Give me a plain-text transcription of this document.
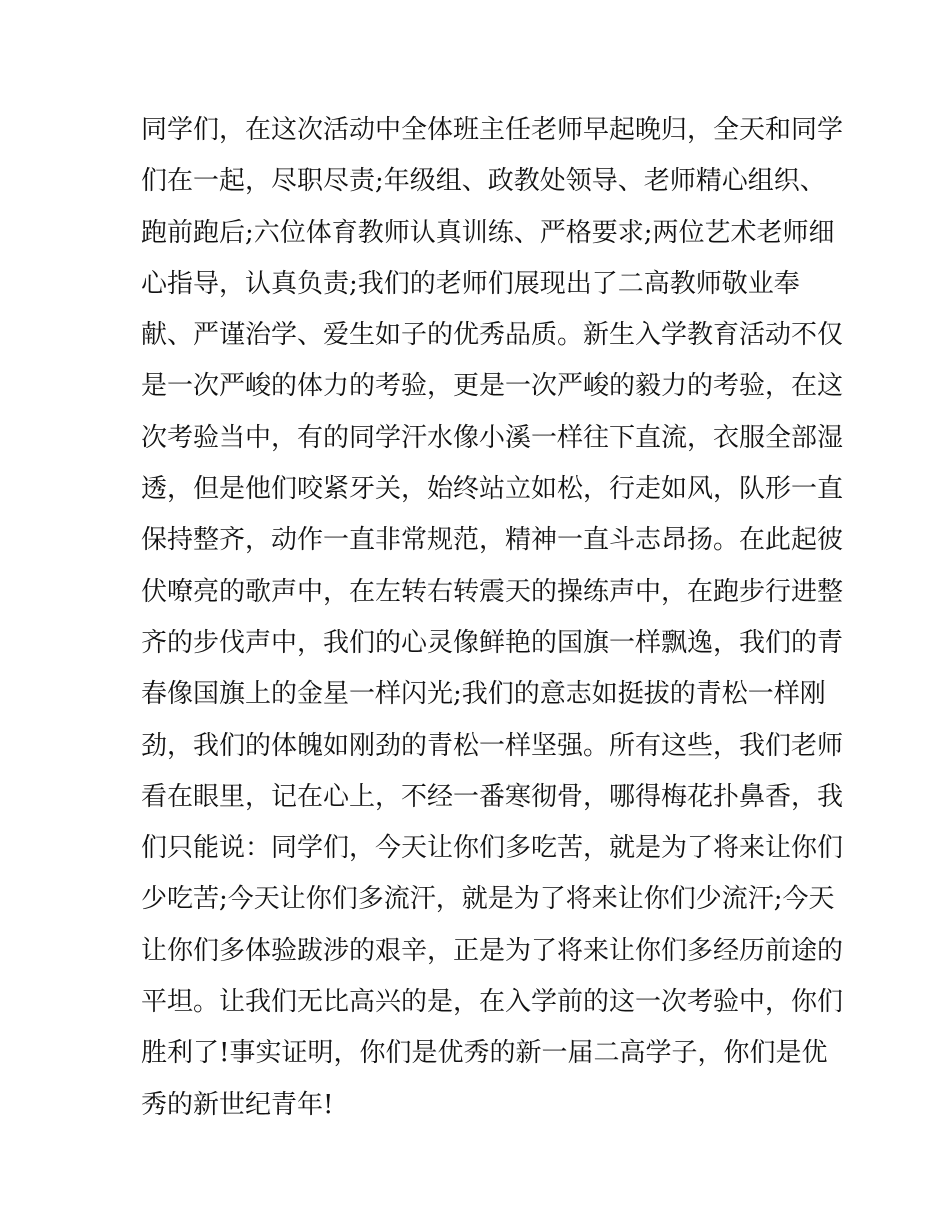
同学们，在这次活动中全体班主任老师早起晚归，全天和同学
们在一起，尽职尽责;年级组、政教处领导、老师精心组织、
跑前跑后;六位体育教师认真训练、严格要求;两位艺术老师细
心指导，认真负责;我们的老师们展现出了二高教师敬业奉
献、严谨治学、爱生如子的优秀品质。新生入学教育活动不仅
是一次严峻的体力的考验，更是一次严峻的毅力的考验，在这
次考验当中，有的同学汗水像小溪一样往下直流，衣服全部湿
透，但是他们咬紧牙关，始终站立如松，行走如风，队形一直
保持整齐，动作一直非常规范，精神一直斗志昂扬。在此起彼
伏嘹亮的歌声中，在左转右转震天的操练声中，在跑步行进整
齐的步伐声中，我们的心灵像鲜艳的国旗一样飘逸，我们的青
春像国旗上的金星一样闪光;我们的意志如挺拔的青松一样刚
劲，我们的体魄如刚劲的青松一样坚强。所有这些，我们老师
看在眼里，记在心上，不经一番寒彻骨，哪得梅花扑鼻香，我
们只能说：同学们，今天让你们多吃苦，就是为了将来让你们
少吃苦;今天让你们多流汗，就是为了将来让你们少流汗;今天
让你们多体验跋涉的艰辛，正是为了将来让你们多经历前途的
平坦。让我们无比高兴的是，在入学前的这一次考验中，你们
胜利了!事实证明，你们是优秀的新一届二高学子，你们是优
秀的新世纪青年!
